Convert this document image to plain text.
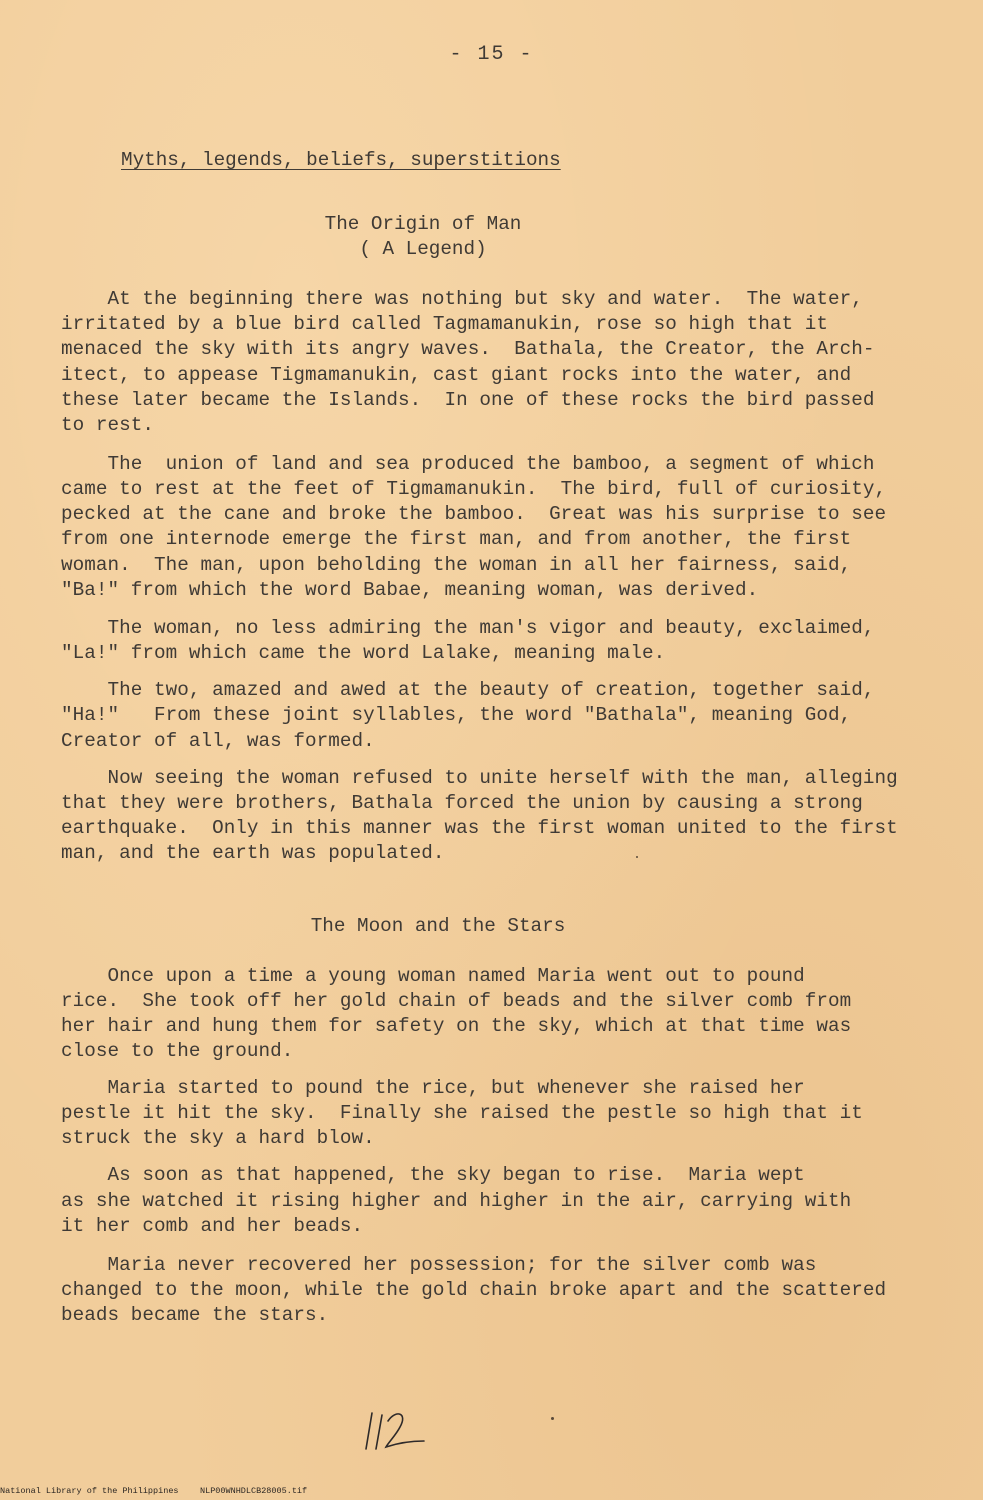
- 15 -
Myths, legends, beliefs, superstitions
The Origin of Man
( A Legend)
At the beginning there was nothing but sky and water.  The water,
irritated by a blue bird called Tagmamanukin, rose so high that it
menaced the sky with its angry waves.  Bathala, the Creator, the Arch-
itect, to appease Tigmamanukin, cast giant rocks into the water, and
these later became the Islands.  In one of these rocks the bird passed
to rest.
The  union of land and sea produced the bamboo, a segment of which
came to rest at the feet of Tigmamanukin.  The bird, full of curiosity,
pecked at the cane and broke the bamboo.  Great was his surprise to see
from one internode emerge the first man, and from another, the first
woman.  The man, upon beholding the woman in all her fairness, said,
"Ba!" from which the word Babae, meaning woman, was derived.
The woman, no less admiring the man's vigor and beauty, exclaimed,
"La!" from which came the word Lalake, meaning male.
The two, amazed and awed at the beauty of creation, together said,
"Ha!"   From these joint syllables, the word "Bathala", meaning God,
Creator of all, was formed.
Now seeing the woman refused to unite herself with the man, alleging
that they were brothers, Bathala forced the union by causing a strong
earthquake.  Only in this manner was the first woman united to the first
man, and the earth was populated.
The Moon and the Stars
Once upon a time a young woman named Maria went out to pound
rice.  She took off her gold chain of beads and the silver comb from
her hair and hung them for safety on the sky, which at that time was
close to the ground.
Maria started to pound the rice, but whenever she raised her
pestle it hit the sky.  Finally she raised the pestle so high that it
struck the sky a hard blow.
As soon as that happened, the sky began to rise.  Maria wept
as she watched it rising higher and higher in the air, carrying with
it her comb and her beads.
Maria never recovered her possession; for the silver comb was
changed to the moon, while the gold chain broke apart and the scattered
beads became the stars.
National Library of the Philippines	NLP00WNHDLCB28005.tif
